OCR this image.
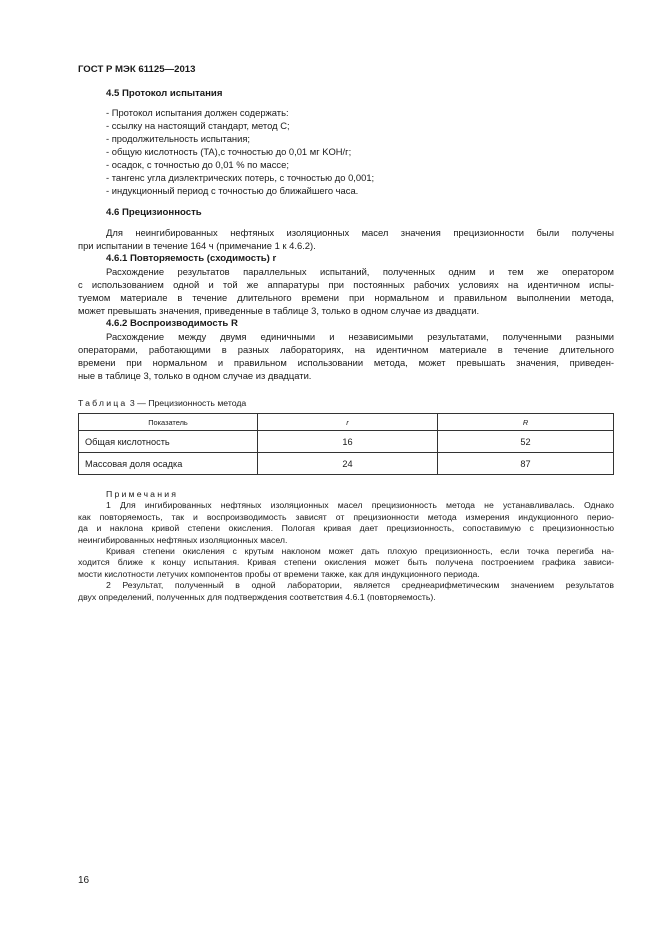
ГОСТ Р МЭК 61125—2013
4.5 Протокол испытания
- Протокол испытания должен содержать:
- ссылку на настоящий стандарт, метод С;
- продолжительность испытания;
- общую кислотность (TA),с точностью до 0,01 мг KOH/г;
- осадок, с точностью до 0,01 % по массе;
- тангенс угла диэлектрических потерь, с точностью до 0,001;
- индукционный период с точностью до ближайшего часа.
4.6 Прецизионность
Для неингибированных нефтяных изоляционных масел значения прецизионности были получены
при испытании в течение 164 ч (примечание 1 к 4.6.2).
4.6.1 Повторяемость (сходимость) r
Расхождение результатов параллельных испытаний, полученных одним и тем же оператором
с использованием одной и той же аппаратуры при постоянных рабочих условиях на идентичном испы-
туемом материале в течение длительного времени при нормальном и правильном выполнении метода,
может превышать значения, приведенные в таблице 3, только в одном случае из двадцати.
4.6.2 Воспроизводимость R
Расхождение между двумя единичными и независимыми результатами, полученными разными
операторами, работающими в разных лабораториях, на идентичном материале в течение длительного
времени при нормальном и правильном использовании метода, может превышать значения, приведен-
ные в таблице 3, только в одном случае из двадцати.
Таблица 3 — Прецизионность метода
Показатель	r	R
Общая кислотность	16	52
Массовая доля осадка	24	87
Примечания
1 Для ингибированных нефтяных изоляционных масел прецизионность метода не устанавливалась. Однако
как повторяемость, так и воспроизводимость зависят от прецизионности метода измерения индукционного перио-
да и наклона кривой степени окисления. Пологая кривая дает прецизионность, сопоставимую с прецизионностью
неингибированных нефтяных изоляционных масел.
Кривая степени окисления с крутым наклоном может дать плохую прецизионность, если точка перегиба на-
ходится ближе к концу испытания. Кривая степени окисления может быть получена построением графика зависи-
мости кислотности летучих компонентов пробы от времени также, как для индукционного периода.
2 Результат, полученный в одной лаборатории, является среднеарифметическим значением результатов
двух определений, полученных для подтверждения соответствия 4.6.1 (повторяемость).
16
